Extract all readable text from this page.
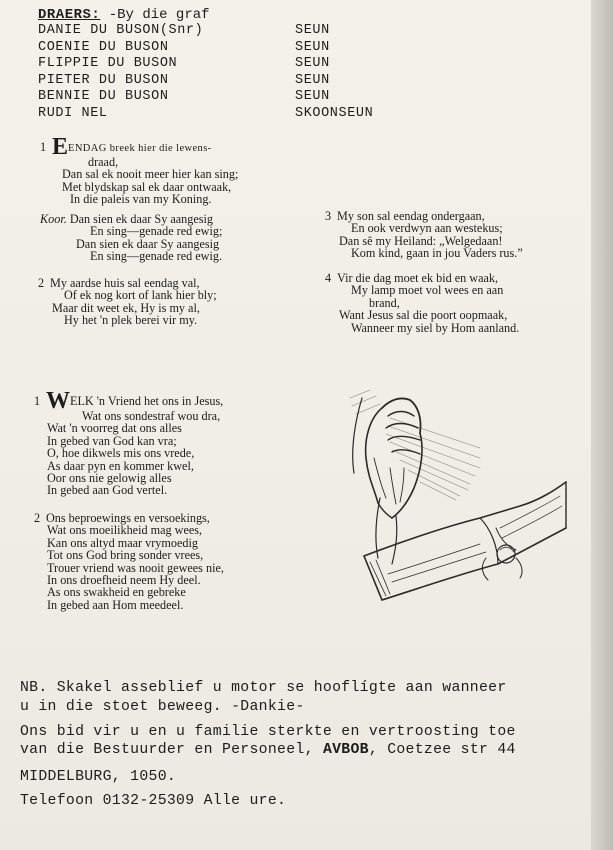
DRAERS: -By die graf
DANIE DU BUSON(Snr)	SEUN
COENIE DU BUSON	SEUN
FLIPPIE DU BUSON	SEUN
PIETER DU BUSON	SEUN
BENNIE DU BUSON	SEUN
RUDI NEL	SKOONSEUN
1 EENDAG breek hier die lewens-
draad,
Dan sal ek nooit meer hier kan sing;
Met blydskap sal ek daar ontwaak,
In die paleis van my Koning.
Koor. Dan sien ek daar Sy aangesig
En sing—genade red ewig;
Dan sien ek daar Sy aangesig
En sing—genade red ewig.
2 My aardse huis sal eendag val,
Of ek nog kort of lank hier bly;
Maar dit weet ek, Hy is my al,
Hy het 'n plek berei vir my.
3 My son sal eendag ondergaan,
En ook verdwyn aan westekus;
Dan sê my Heiland: „Welgedaan!
Kom kind, gaan in jou Vaders rus.”
4 Vir die dag moet ek bid en waak,
My lamp moet vol wees en aan
brand,
Want Jesus sal die poort oopmaak,
Wanneer my siel by Hom aanland.
1 WELK 'n Vriend het ons in Jesus,
Wat ons sondestraf wou dra,
Wat 'n voorreg dat ons alles
In gebed van God kan vra;
O, hoe dikwels mis ons vrede,
As daar pyn en kommer kwel,
Oor ons nie gelowig alles
In gebed aan God vertel.
2 Ons beproewings en versoekings,
Wat ons moeilikheid mag wees,
Kan ons altyd maar vrymoedig
Tot ons God bring sonder vrees,
Trouer vriend was nooit gewees nie,
In ons droefheid neem Hy deel.
As ons swakheid en gebreke
In gebed aan Hom meedeel.
NB. Skakel asseblief u motor se hooflígte aan wanneer
u in die stoet beweeg. -Dankie-
Ons bid vir u en u familie sterkte en vertroosting toe
van die Bestuurder en Personeel, AVBOB, Coetzee str 44
MIDDELBURG, 1050.
Telefoon 0132-25309 Alle ure.
